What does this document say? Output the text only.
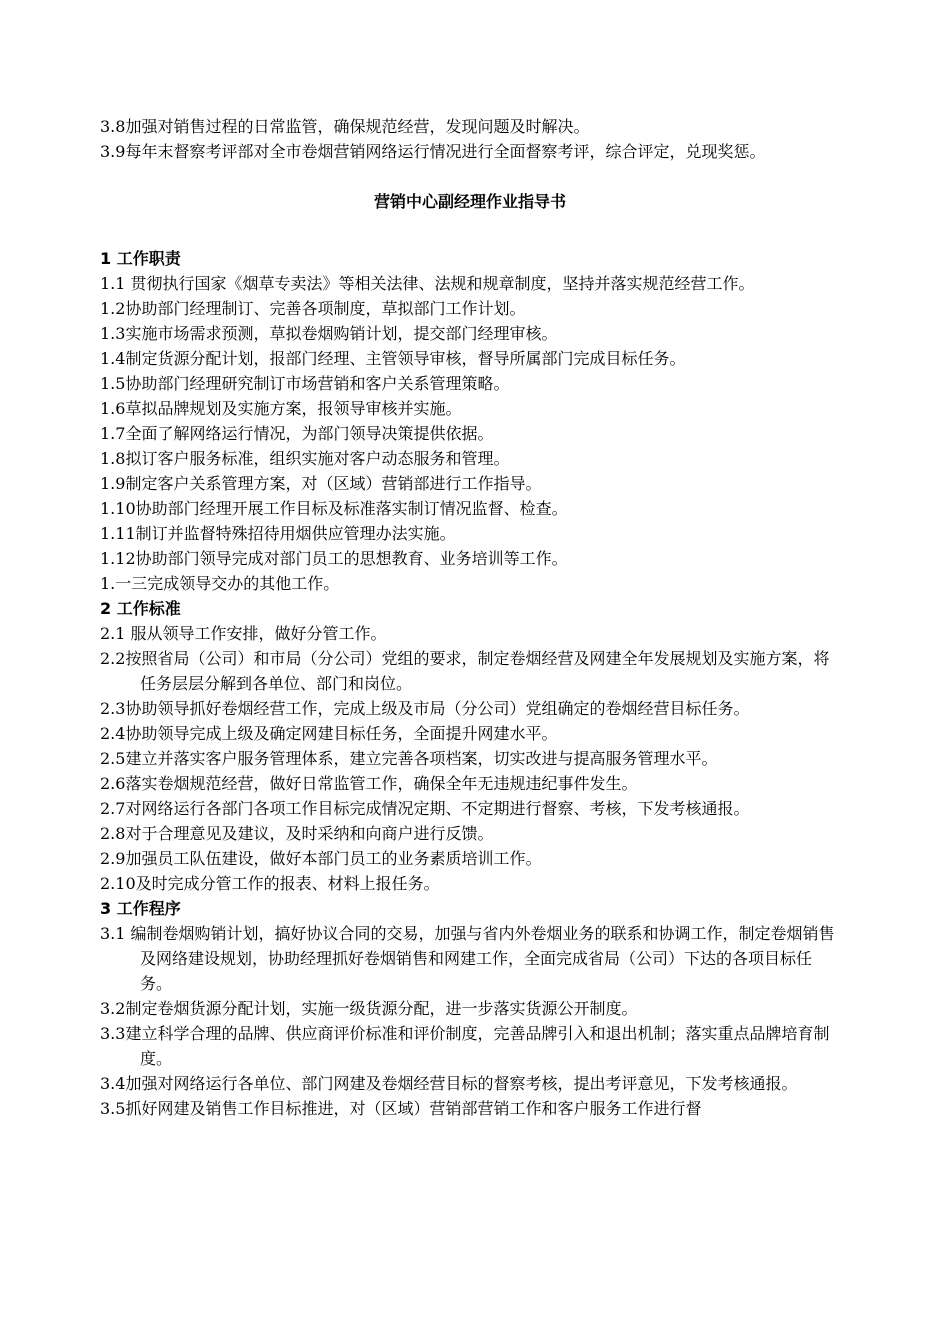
3.8加强对销售过程的日常监管，确保规范经营，发现问题及时解决。
3.9每年末督察考评部对全市卷烟营销网络运行情况进行全面督察考评，综合评定，兑现奖惩。
营销中心副经理作业指导书
1 工作职责
1.1 贯彻执行国家《烟草专卖法》等相关法律、法规和规章制度，坚持并落实规范经营工作。
1.2协助部门经理制订、完善各项制度，草拟部门工作计划。
1.3实施市场需求预测，草拟卷烟购销计划，提交部门经理审核。
1.4制定货源分配计划，报部门经理、主管领导审核，督导所属部门完成目标任务。
1.5协助部门经理研究制订市场营销和客户关系管理策略。
1.6草拟品牌规划及实施方案，报领导审核并实施。
1.7全面了解网络运行情况，为部门领导决策提供依据。
1.8拟订客户服务标准，组织实施对客户动态服务和管理。
1.9制定客户关系管理方案，对（区域）营销部进行工作指导。
1.10协助部门经理开展工作目标及标准落实制订情况监督、检查。
1.11制订并监督特殊招待用烟供应管理办法实施。
1.12协助部门领导完成对部门员工的思想教育、业务培训等工作。
1.一三完成领导交办的其他工作。
2 工作标准
2.1 服从领导工作安排，做好分管工作。
2.2按照省局（公司）和市局（分公司）党组的要求，制定卷烟经营及网建全年发展规划及实施方案，将任务层层分解到各单位、部门和岗位。
2.3协助领导抓好卷烟经营工作，完成上级及市局（分公司）党组确定的卷烟经营目标任务。
2.4协助领导完成上级及确定网建目标任务，全面提升网建水平。
2.5建立并落实客户服务管理体系，建立完善各项档案，切实改进与提高服务管理水平。
2.6落实卷烟规范经营，做好日常监管工作，确保全年无违规违纪事件发生。
2.7对网络运行各部门各项工作目标完成情况定期、不定期进行督察、考核，下发考核通报。
2.8对于合理意见及建议，及时采纳和向商户进行反馈。
2.9加强员工队伍建设，做好本部门员工的业务素质培训工作。
2.10及时完成分管工作的报表、材料上报任务。
3 工作程序
3.1 编制卷烟购销计划，搞好协议合同的交易，加强与省内外卷烟业务的联系和协调工作，制定卷烟销售及网络建设规划，协助经理抓好卷烟销售和网建工作，全面完成省局（公司）下达的各项目标任务。
3.2制定卷烟货源分配计划，实施一级货源分配，进一步落实货源公开制度。
3.3建立科学合理的品牌、供应商评价标准和评价制度，完善品牌引入和退出机制；落实重点品牌培育制度。
3.4加强对网络运行各单位、部门网建及卷烟经营目标的督察考核，提出考评意见，下发考核通报。
3.5抓好网建及销售工作目标推进，对（区域）营销部营销工作和客户服务工作进行督
